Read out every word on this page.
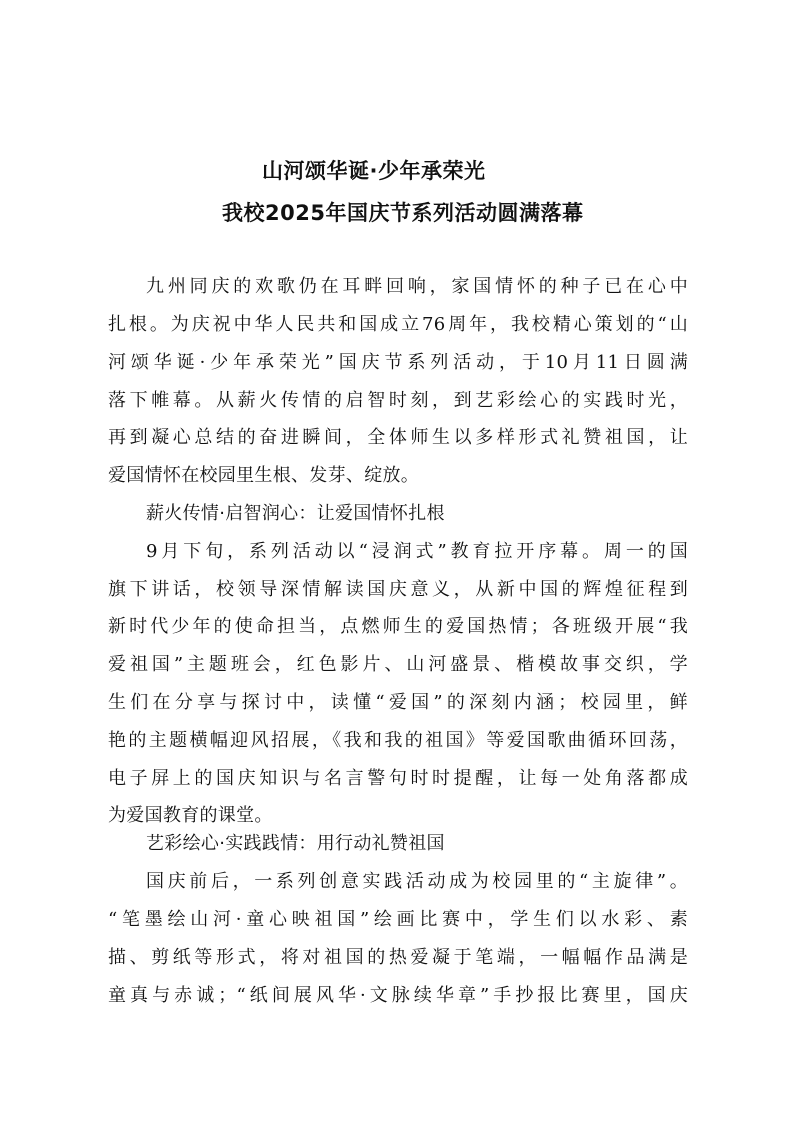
山河颂华诞·少年承荣光
我校2025年国庆节系列活动圆满落幕
九州同庆的欢歌仍在耳畔回响，家国情怀的种子已在心中
扎根。为庆祝中华人民共和国成立76周年，我校精心策划的“山
河颂华诞·少年承荣光”国庆节系列活动，于10月11日圆满
落下帷幕。从薪火传情的启智时刻，到艺彩绘心的实践时光，
再到凝心总结的奋进瞬间，全体师生以多样形式礼赞祖国，让
爱国情怀在校园里生根、发芽、绽放。
薪火传情·启智润心：让爱国情怀扎根
9月下旬，系列活动以“浸润式”教育拉开序幕。周一的国
旗下讲话，校领导深情解读国庆意义，从新中国的辉煌征程到
新时代少年的使命担当，点燃师生的爱国热情；各班级开展“我
爱祖国”主题班会，红色影片、山河盛景、楷模故事交织，学
生们在分享与探讨中，读懂“爱国”的深刻内涵；校园里，鲜
艳的主题横幅迎风招展，《我和我的祖国》等爱国歌曲循环回荡，
电子屏上的国庆知识与名言警句时时提醒，让每一处角落都成
为爱国教育的课堂。
艺彩绘心·实践践情：用行动礼赞祖国
国庆前后，一系列创意实践活动成为校园里的“主旋律”。
“笔墨绘山河·童心映祖国”绘画比赛中，学生们以水彩、素
描、剪纸等形式，将对祖国的热爱凝于笔端，一幅幅作品满是
童真与赤诚；“纸间展风华·文脉续华章”手抄报比赛里，国庆
